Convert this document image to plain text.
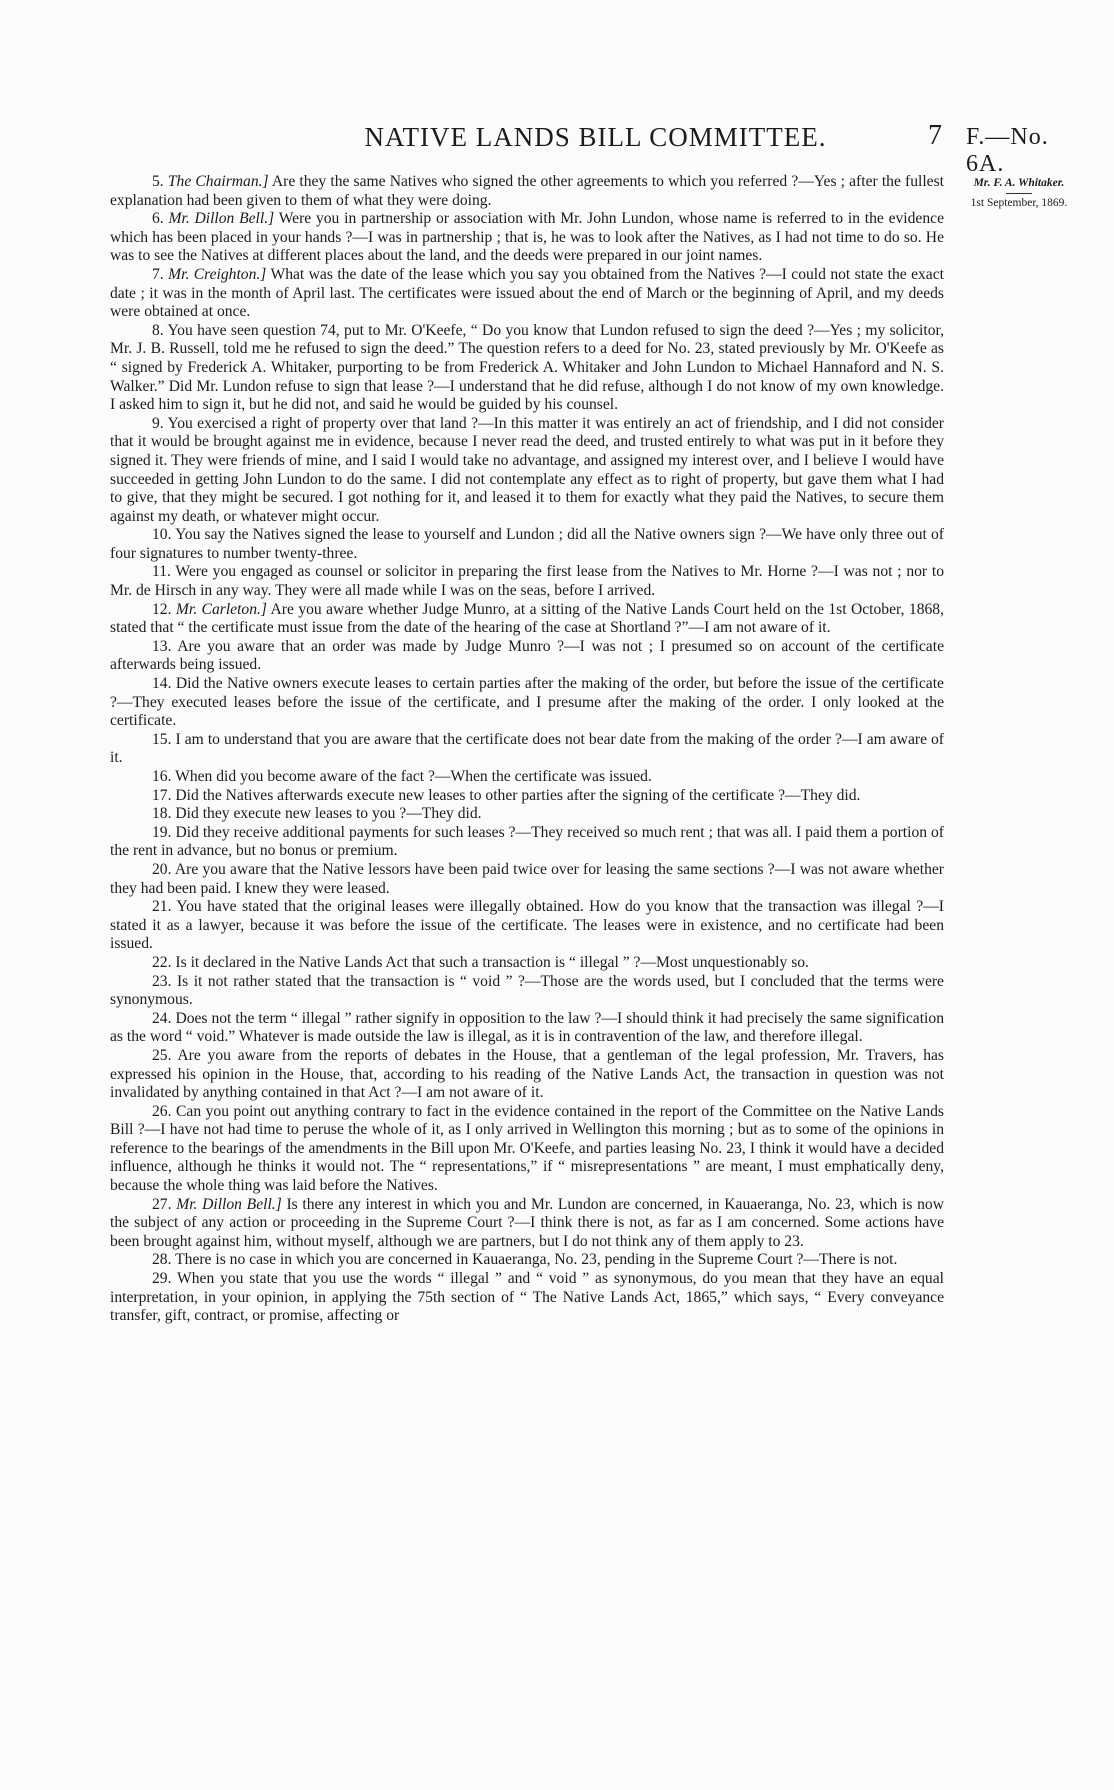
NATIVE LANDS BILL COMMITTEE.	7 F.—No. 6A.
Mr. F. A. Whitaker.
1st September, 1869.

5. The Chairman.] Are they the same Natives who signed the other agreements to which you referred ?—Yes ; after the fullest explanation had been given to them of what they were doing.

6. Mr. Dillon Bell.] Were you in partnership or association with Mr. John Lundon, whose name is referred to in the evidence which has been placed in your hands ?—I was in partnership ; that is, he was to look after the Natives, as I had not time to do so. He was to see the Natives at different places about the land, and the deeds were prepared in our joint names.

7. Mr. Creighton.] What was the date of the lease which you say you obtained from the Natives ?—I could not state the exact date ; it was in the month of April last. The certificates were issued about the end of March or the beginning of April, and my deeds were obtained at once.

8. You have seen question 74, put to Mr. O'Keefe, “ Do you know that Lundon refused to sign the deed ?—Yes ; my solicitor, Mr. J. B. Russell, told me he refused to sign the deed.” The question refers to a deed for No. 23, stated previously by Mr. O'Keefe as “ signed by Frederick A. Whitaker, purporting to be from Frederick A. Whitaker and John Lundon to Michael Hannaford and N. S. Walker.” Did Mr. Lundon refuse to sign that lease ?—I understand that he did refuse, although I do not know of my own knowledge. I asked him to sign it, but he did not, and said he would be guided by his counsel.

9. You exercised a right of property over that land ?—In this matter it was entirely an act of friendship, and I did not consider that it would be brought against me in evidence, because I never read the deed, and trusted entirely to what was put in it before they signed it. They were friends of mine, and I said I would take no advantage, and assigned my interest over, and I believe I would have succeeded in getting John Lundon to do the same. I did not contemplate any effect as to right of property, but gave them what I had to give, that they might be secured. I got nothing for it, and leased it to them for exactly what they paid the Natives, to secure them against my death, or whatever might occur.

10. You say the Natives signed the lease to yourself and Lundon ; did all the Native owners sign ?—We have only three out of four signatures to number twenty-three.

11. Were you engaged as counsel or solicitor in preparing the first lease from the Natives to Mr. Horne ?—I was not ; nor to Mr. de Hirsch in any way. They were all made while I was on the seas, before I arrived.

12. Mr. Carleton.] Are you aware whether Judge Munro, at a sitting of the Native Lands Court held on the 1st October, 1868, stated that “ the certificate must issue from the date of the hearing of the case at Shortland ?”—I am not aware of it.

13. Are you aware that an order was made by Judge Munro ?—I was not ; I presumed so on account of the certificate afterwards being issued.

14. Did the Native owners execute leases to certain parties after the making of the order, but before the issue of the certificate ?—They executed leases before the issue of the certificate, and I presume after the making of the order. I only looked at the certificate.

15. I am to understand that you are aware that the certificate does not bear date from the making of the order ?—I am aware of it.

16. When did you become aware of the fact ?—When the certificate was issued.

17. Did the Natives afterwards execute new leases to other parties after the signing of the certificate ?—They did.

18. Did they execute new leases to you ?—They did.

19. Did they receive additional payments for such leases ?—They received so much rent ; that was all. I paid them a portion of the rent in advance, but no bonus or premium.

20. Are you aware that the Native lessors have been paid twice over for leasing the same sections ?—I was not aware whether they had been paid. I knew they were leased.

21. You have stated that the original leases were illegally obtained. How do you know that the transaction was illegal ?—I stated it as a lawyer, because it was before the issue of the certificate. The leases were in existence, and no certificate had been issued.

22. Is it declared in the Native Lands Act that such a transaction is “ illegal ” ?—Most unquestionably so.

23. Is it not rather stated that the transaction is “ void ” ?—Those are the words used, but I concluded that the terms were synonymous.

24. Does not the term “ illegal ” rather signify in opposition to the law ?—I should think it had precisely the same signification as the word “ void.” Whatever is made outside the law is illegal, as it is in contravention of the law, and therefore illegal.

25. Are you aware from the reports of debates in the House, that a gentleman of the legal profession, Mr. Travers, has expressed his opinion in the House, that, according to his reading of the Native Lands Act, the transaction in question was not invalidated by anything contained in that Act ?—I am not aware of it.

26. Can you point out anything contrary to fact in the evidence contained in the report of the Committee on the Native Lands Bill ?—I have not had time to peruse the whole of it, as I only arrived in Wellington this morning ; but as to some of the opinions in reference to the bearings of the amendments in the Bill upon Mr. O'Keefe, and parties leasing No. 23, I think it would have a decided influence, although he thinks it would not. The “ representations,” if “ misrepresentations ” are meant, I must emphatically deny, because the whole thing was laid before the Natives.

27. Mr. Dillon Bell.] Is there any interest in which you and Mr. Lundon are concerned, in Kauaeranga, No. 23, which is now the subject of any action or proceeding in the Supreme Court ?—I think there is not, as far as I am concerned. Some actions have been brought against him, without myself, although we are partners, but I do not think any of them apply to 23.

28. There is no case in which you are concerned in Kauaeranga, No. 23, pending in the Supreme Court ?—There is not.

29. When you state that you use the words “ illegal ” and “ void ” as synonymous, do you mean that they have an equal interpretation, in your opinion, in applying the 75th section of “ The Native Lands Act, 1865,” which says, “ Every conveyance transfer, gift, contract, or promise, affecting or
